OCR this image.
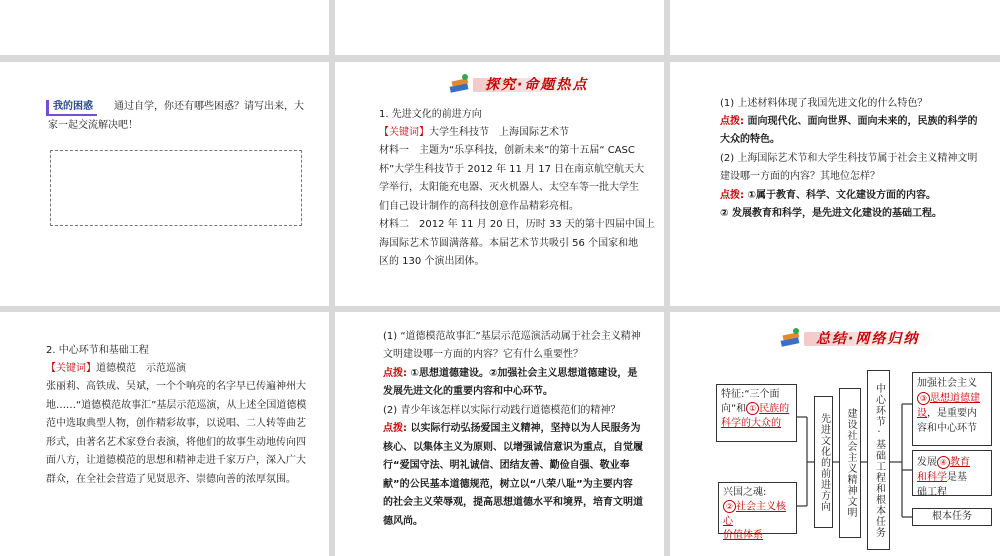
我的困惑	通过自学，你还有哪些困惑？请写出来，大
家一起交流解决吧！
探究·命题热点
1. 先进文化的前进方向
【关键词】大学生科技节　上海国际艺术节
材料一　主题为“乐享科技，创新未来”的第十五届“ CASC
杯”大学生科技节于 2012 年 11 月 17 日在南京航空航天大
学举行，太阳能充电器、灭火机器人、太空车等一批大学生
们自己设计制作的高科技创意作品精彩亮相。
材料二　2012 年 11 月 20 日，历时 33 天的第十四届中国上
海国际艺术节圆满落幕。本届艺术节共吸引 56 个国家和地
区的 130 个演出团体。
(1) 上述材料体现了我国先进文化的什么特色？
点拨: 面向现代化、面向世界、面向未来的，民族的科学的
大众的特色。
(2) 上海国际艺术节和大学生科技节属于社会主义精神文明
建设哪一方面的内容？其地位怎样？
点拨: ①属于教育、科学、文化建设方面的内容。
② 发展教育和科学，是先进文化建设的基础工程。
2. 中心环节和基础工程
【关键词】道德模范　示范巡演
张丽莉、高铁成、吴斌，一个个响亮的名字早已传遍神州大
地……“道德模范故事汇”基层示范巡演，从上述全国道德模
范中选取典型人物，创作精彩故事，以说唱、二人转等曲艺
形式，由著名艺术家登台表演，将他们的故事生动地传向四
面八方，让道德模范的思想和精神走进千家万户，深入广大
群众，在全社会营造了见贤思齐、崇德向善的浓厚氛围。
(1) “道德模范故事汇”基层示范巡演活动属于社会主义精神
文明建设哪一方面的内容？它有什么重要性？
点拨: ①思想道德建设。②加强社会主义思想道德建设，是
发展先进文化的重要内容和中心环节。
(2) 青少年该怎样以实际行动践行道德模范们的精神？
点拨: 以实际行动弘扬爱国主义精神，坚持以为人民服务为
核心、以集体主义为原则、以增强诚信意识为重点，自觉履
行“爱国守法、明礼诚信、团结友善、勤俭自强、敬业奉
献”的公民基本道德规范，树立以“八荣八耻”为主要内容
的社会主义荣辱观，提高思想道德水平和境界，培育文明道
德风尚。
总结·网络归纳
特征:“三个面
向”和 ① 民族的
科学的大众的
兴国之魂:
② 社会主义核心
价值体系
先进文化的前进方向	建设社会主义精神文明	中心环节·基础工程和根本任务	加强社会主义
③ 思想道德建
设，是重要内
容和中心环节
发展 ④ 教育
和科学是基
础工程
根本任务
